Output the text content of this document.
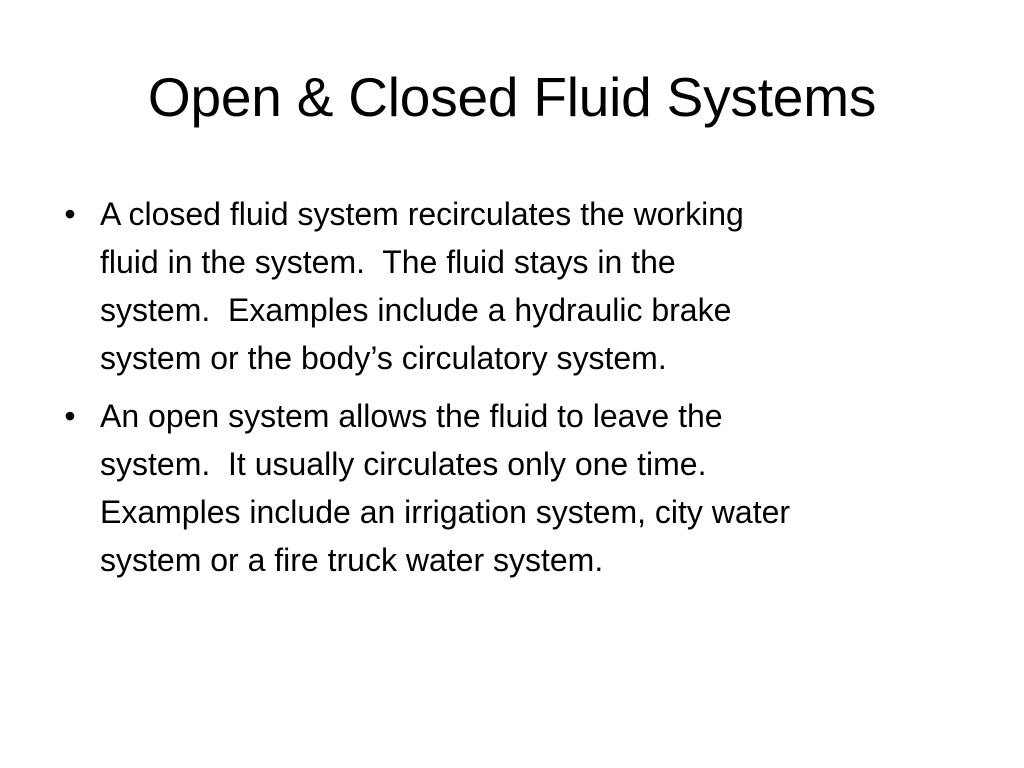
Open & Closed Fluid Systems
• A closed fluid system recirculates the working
fluid in the system.  The fluid stays in the
system.  Examples include a hydraulic brake
system or the body’s circulatory system.
• An open system allows the fluid to leave the
system.  It usually circulates only one time.
Examples include an irrigation system, city water
system or a fire truck water system.
